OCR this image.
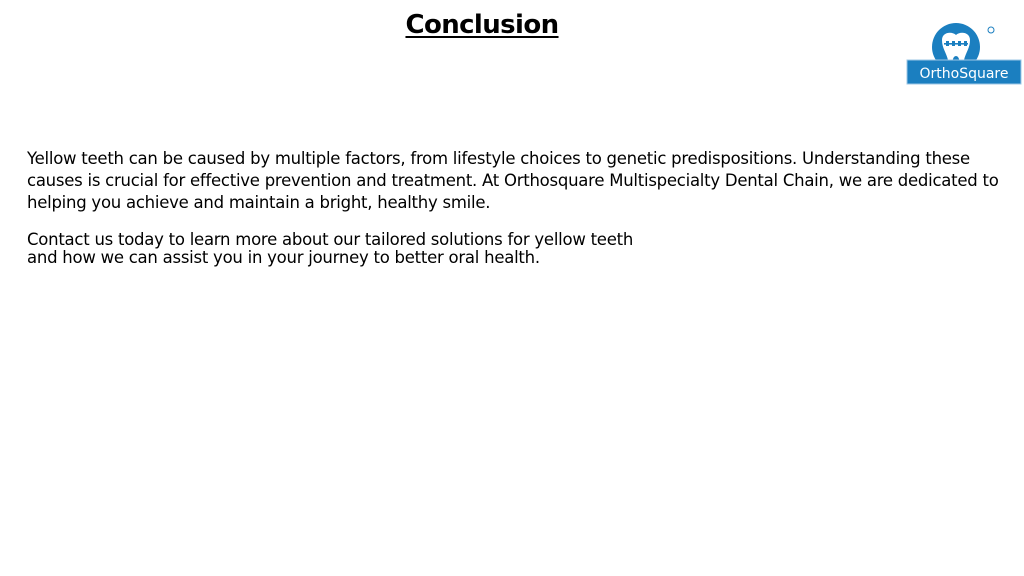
Conclusion
OrthoSquare

Yellow teeth can be caused by multiple factors, from lifestyle choices to genetic predispositions. Understanding these causes is crucial for effective prevention and treatment. At Orthosquare Multispecialty Dental Chain, we are dedicated to helping you achieve and maintain a bright, healthy smile.

Contact us today to learn more about our tailored solutions for yellow teeth
and how we can assist you in your journey to better oral health.
